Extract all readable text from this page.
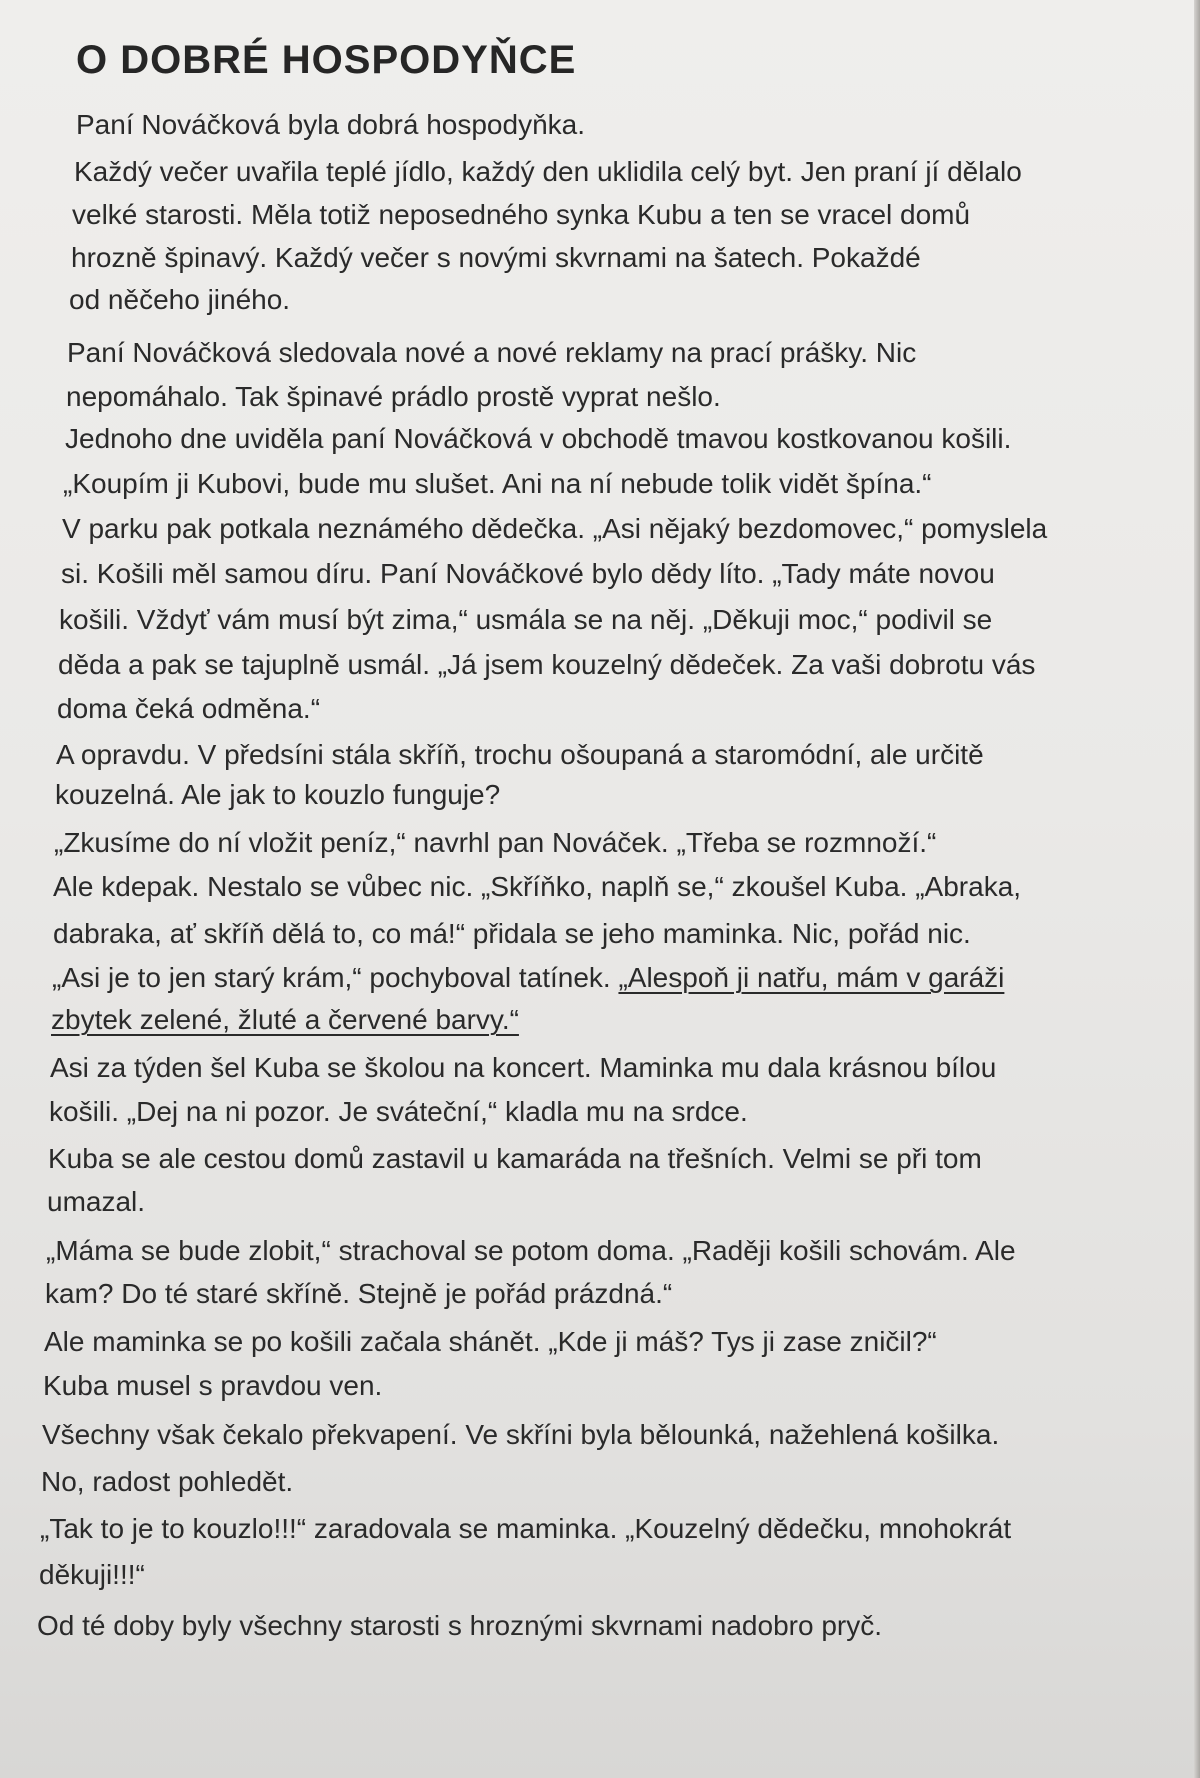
O DOBRÉ HOSPODYŇCE

Paní Nováčková byla dobrá hospodyňka.

Každý večer uvařila teplé jídlo, každý den uklidila celý byt. Jen praní jí dělalo

velké starosti. Měla totiž neposedného synka Kubu a ten se vracel domů

hrozně špinavý. Každý večer s novými skvrnami na šatech. Pokaždé

od něčeho jiného.

Paní Nováčková sledovala nové a nové reklamy na prací prášky. Nic

nepomáhalo. Tak špinavé prádlo prostě vyprat nešlo.

Jednoho dne uviděla paní Nováčková v obchodě tmavou kostkovanou košili.

„Koupím ji Kubovi, bude mu slušet. Ani na ní nebude tolik vidět špína.“

V parku pak potkala neznámého dědečka. „Asi nějaký bezdomovec,“ pomyslela

si. Košili měl samou díru. Paní Nováčkové bylo dědy líto. „Tady máte novou

košili. Vždyť vám musí být zima,“ usmála se na něj. „Děkuji moc,“ podivil se

děda a pak se tajuplně usmál. „Já jsem kouzelný dědeček. Za vaši dobrotu vás

doma čeká odměna.“

A opravdu. V předsíni stála skříň, trochu ošoupaná a staromódní, ale určitě

kouzelná. Ale jak to kouzlo funguje?

„Zkusíme do ní vložit peníz,“ navrhl pan Nováček. „Třeba se rozmnoží.“

Ale kdepak. Nestalo se vůbec nic. „Skříňko, naplň se,“ zkoušel Kuba. „Abraka,

dabraka, ať skříň dělá to, co má!“ přidala se jeho maminka. Nic, pořád nic.

„Asi je to jen starý krám,“ pochyboval tatínek. „Alespoň ji natřu, mám v garáži

zbytek zelené, žluté a červené barvy.“

Asi za týden šel Kuba se školou na koncert. Maminka mu dala krásnou bílou

košili. „Dej na ni pozor. Je sváteční,“ kladla mu na srdce.

Kuba se ale cestou domů zastavil u kamaráda na třešních. Velmi se při tom

umazal.

„Máma se bude zlobit,“ strachoval se potom doma. „Raději košili schovám. Ale

kam? Do té staré skříně. Stejně je pořád prázdná.“

Ale maminka se po košili začala shánět. „Kde ji máš? Tys ji zase zničil?“

Kuba musel s pravdou ven.

Všechny však čekalo překvapení. Ve skříni byla bělounká, nažehlená košilka.

No, radost pohledět.

„Tak to je to kouzlo!!!“ zaradovala se maminka. „Kouzelný dědečku, mnohokrát

děkuji!!!“

Od té doby byly všechny starosti s hroznými skvrnami nadobro pryč.
